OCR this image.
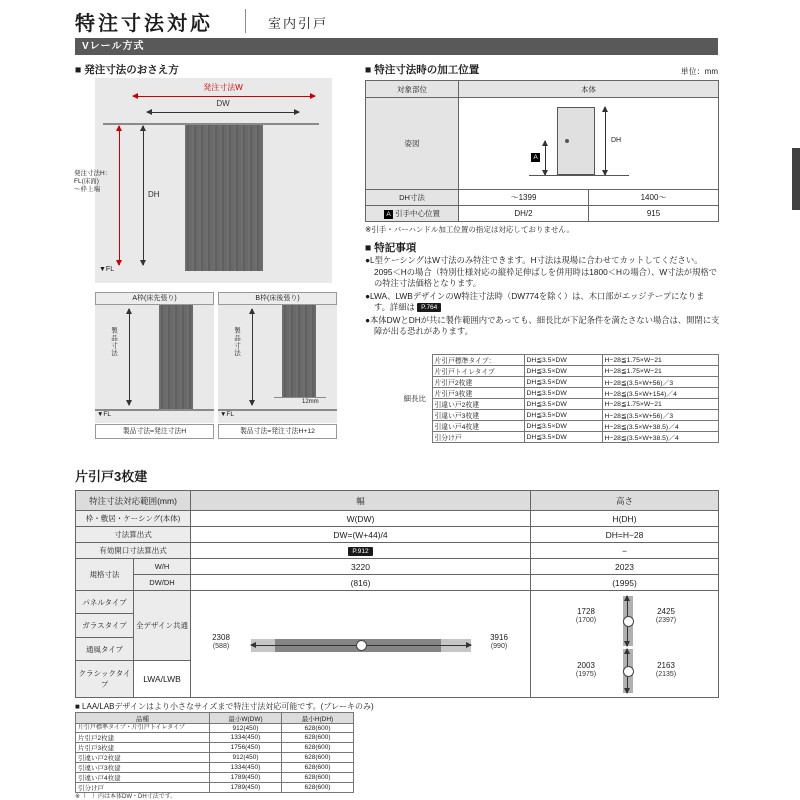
特注寸法対応	室内引戸
Vレール方式
■ 発注寸法のおさえ方
発注寸法W
DW
発注寸法H：
FL(床面)
～枠上端
DH
▼FL
A枠(床先張り)
製品寸法
▼FL
製品寸法=発注寸法H
B枠(床後張り)
製品寸法
12mm
▼FL
製品寸法=発注寸法H+12
■ 特注寸法時の加工位置	単位：mm
対象部位	本体	
姿図	DH
A	

DH寸法	～1399	1400～
A 引手中心位置	DH/2	915
※引手・バーハンドル加工位置の指定は対応しておりません。
■ 特記事項
●L型ケーシングはW寸法のみ特注できます。H寸法は現場に合わせてカットしてください。2095＜Hの場合（特別仕様対応の縦枠足伸ばしを併用時は1800＜Hの場合）、W寸法が規格での特注寸法価格となります。
●LWA、LWBデザインのW特注寸法時（DW774を除く）は、木口部がエッジテープになります。詳細は P.764
●本体DWとDHが共に製作範囲内であっても、細長比が下記条件を満たさない場合は、開閉に支障が出る恐れがあります。
細長比	片引戸標準タイプ：	DH≦3.5×DW	H−28≦1.75×W−21
	片引戸トイレタイプ	DH≦3.5×DW	H−28≦1.75×W−21
	片引戸2枚建	DH≦3.5×DW	H−28≦(3.5×W+56)／3
	片引戸3枚建	DH≦3.5×DW	H−28≦(3.5×W+154)／4
	引違い戸2枚建	DH≦3.5×DW	H−28≦1.75×W−21
	引違い戸3枚建	DH≦3.5×DW	H−28≦(3.5×W+56)／3
	引違い戸4枚建	DH≦3.5×DW	H−28≦(3.5×W+38.5)／4
	引分け戸	DH≦3.5×DW	H−28≦(3.5×W+38.5)／4
片引戸3枚建
特注寸法対応範囲(mm)		幅	高さ
枠・敷居・ケーシング(本体)		W(DW)	H(DH)
寸法算出式		DW=(W+44)/4	DH=H−28
有効開口寸法算出式		P.912	−
規格寸法	W/H	3220	2023
	DW/DH	(816)	(1995)
パネルタイプ	全デザイン共通	
2308
(588)
3916
(990)

1728
(1700)
2425
(2397)
2003
(1975)
2163
(2135)

ガラスタイプ			
通風タイプ			
クラシックタイプ	LWA/LWB		
■ LAA/LABデザインはより小さなサイズまで特注寸法対応可能です。(プレーキのみ)
品種	最小W(DW)	最小H(DH)
片引戸標準タイプ・片引戸トイレタイプ	912(450)	628(600)
片引戸2枚建	1334(450)	628(600)
片引戸3枚建	1756(450)	628(600)
引違い戸2枚建	912(450)	628(600)
引違い戸3枚建	1334(450)	628(600)
引違い戸4枚建	1789(450)	628(600)
引分け戸	1789(450)	628(600)
※（　）内は本体DW・DH寸法です。
